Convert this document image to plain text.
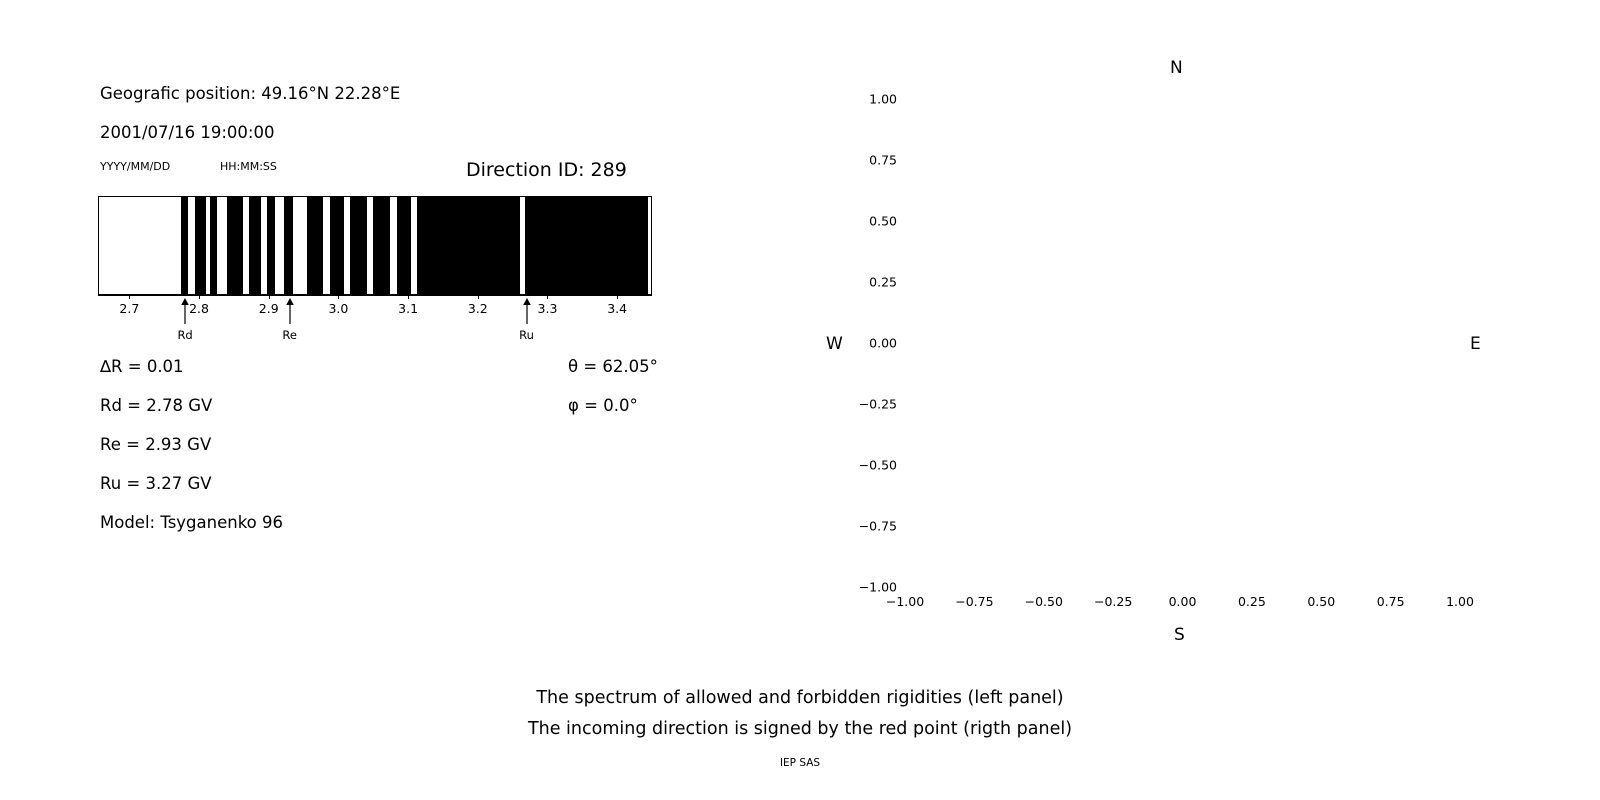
Geografic position: 49.16°N 22.28°E
2001/07/16 19:00:00
YYYY/MM/DD	HH:MM:SS	Direction ID: 289
2.7	2.8	2.9	3.0	3.1	3.2	3.3	3.4
Rd	Re	Ru
∆R = 0.01
Rd = 2.78 GV
Re = 2.93 GV
Ru = 3.27 GV
Model: Tsyganenko 96
θ = 62.05°
φ = 0.0°
N
S
E
W
−1.00 −0.75 −0.50 −0.25	0.00	0.25	0.50	0.75	1.00
−1.00
−0.75
−0.50
−0.25
0.00
0.25
0.50
0.75
1.00
The spectrum of allowed and forbidden rigidities (left panel)
The incoming direction is signed by the red point (rigth panel)
IEP SAS
